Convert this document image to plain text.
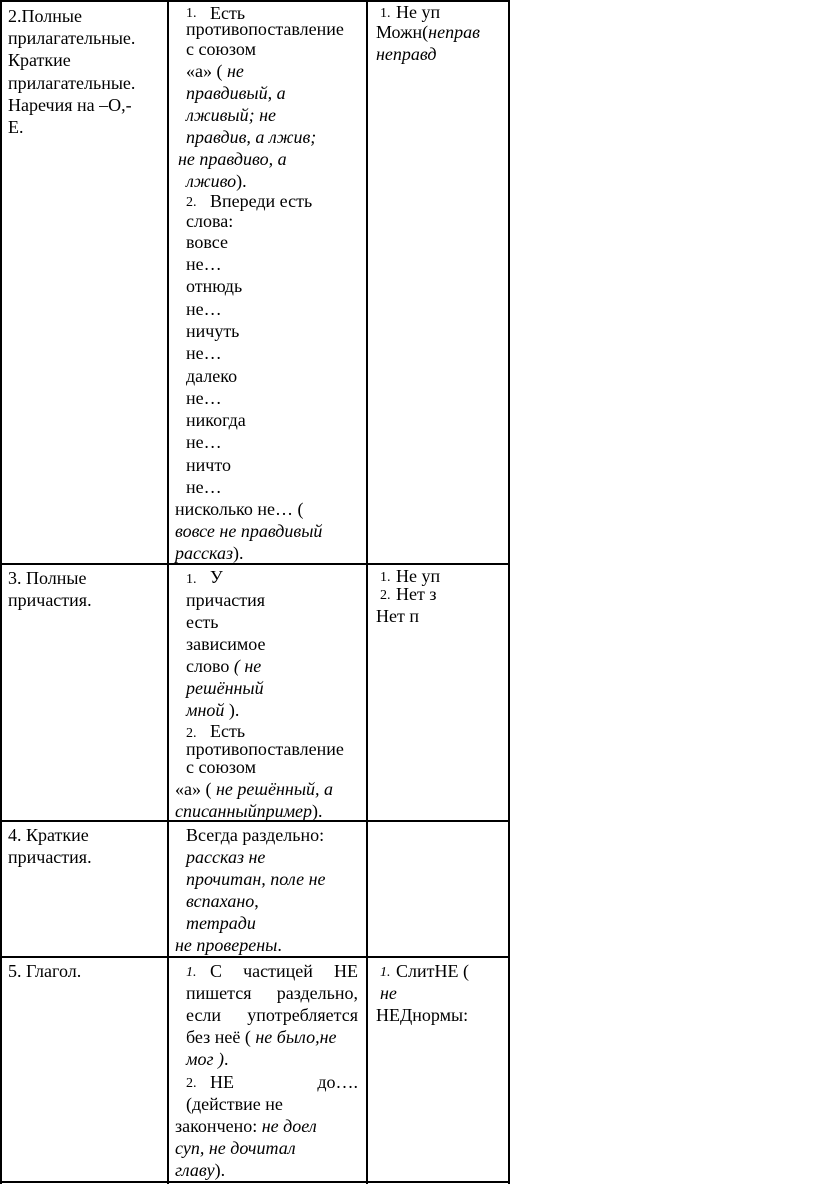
2.Полные
прилагательные.
Краткие
прилагательные.
Наречия на –О,-
Е.
1. Есть
противопоставление
с союзом
«а» ( не
правдивый, а
лживый; не
правдив, а лжив;
не правдиво, а
лживо).
2. Впереди есть
слова:
вовсе
не…
отнюдь
не…
ничуть
не…
далеко
не…
никогда
не…
ничто
не…
нисколько не… (
вовсе не правдивый
рассказ).
1. Не уп
Можн(неправ
неправд
3. Полные
причастия.
1. У
причастия
есть
зависимое
слово ( не
решённый
мной ).
2. Есть
противопоставление
с союзом
«а» ( не решённый, а
списанныйпример).
1. Не уп
2. Нет з
Нет п
4. Краткие
причастия.
Всегда раздельно:
рассказ не
прочитан, поле не
вспахано,
тетради
не проверены.
5. Глагол.	1. С частицей НЕ
пишется раздельно,
если употребляется
без неё ( не было,не
мог ).
2. НЕ до….
(действие не
закончено: не доел
суп, не дочитал
главу).
1. СлитНЕ (
не
НЕДнормы:
